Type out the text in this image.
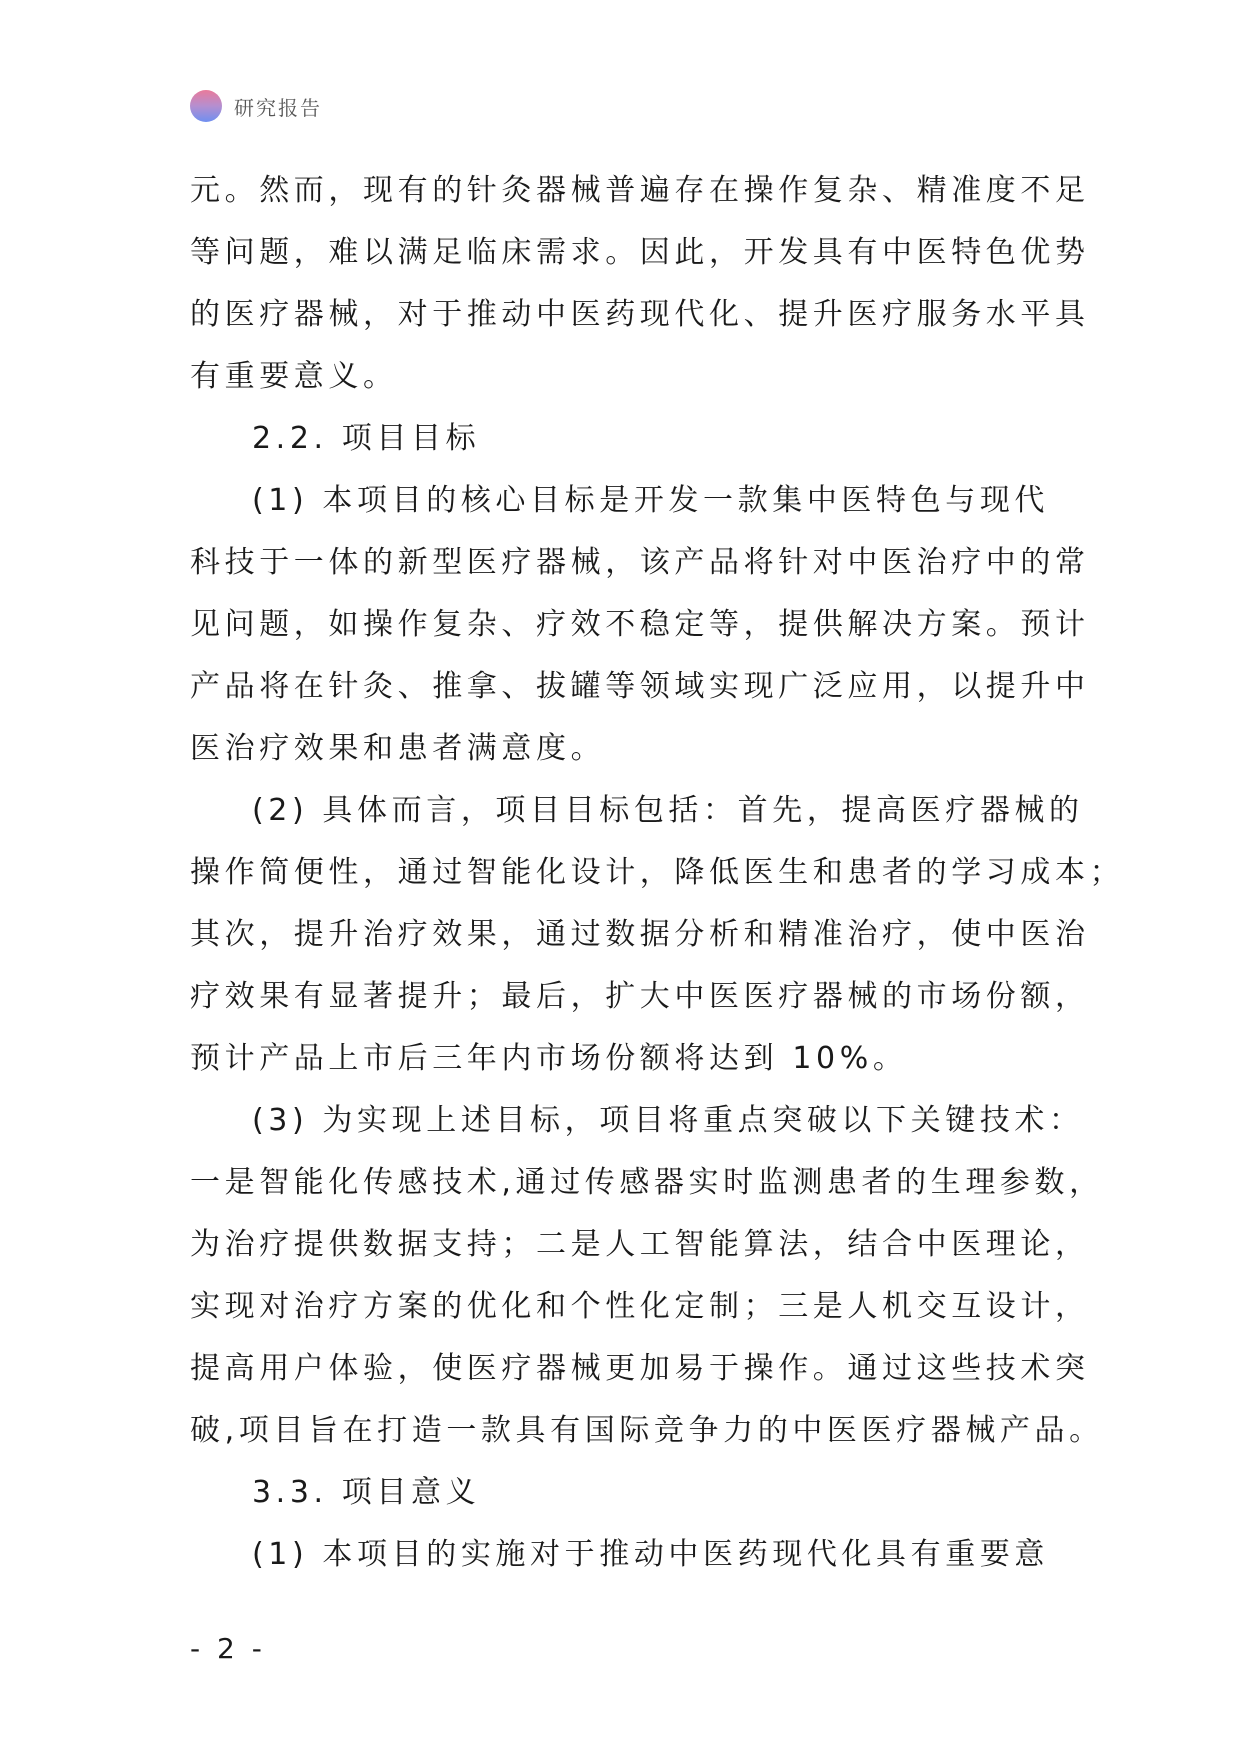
研究报告
元。然而，现有的针灸器械普遍存在操作复杂、精准度不足
等问题，难以满足临床需求。因此，开发具有中医特色优势
的医疗器械，对于推动中医药现代化、提升医疗服务水平具
有重要意义。
2.2. 项目目标
(1) 本项目的核心目标是开发一款集中医特色与现代
科技于一体的新型医疗器械，该产品将针对中医治疗中的常
见问题，如操作复杂、疗效不稳定等，提供解决方案。预计
产品将在针灸、推拿、拔罐等领域实现广泛应用，以提升中
医治疗效果和患者满意度。
(2) 具体而言，项目目标包括：首先，提高医疗器械的
操作简便性，通过智能化设计，降低医生和患者的学习成本；
其次，提升治疗效果，通过数据分析和精准治疗，使中医治
疗效果有显著提升；最后，扩大中医医疗器械的市场份额，
预计产品上市后三年内市场份额将达到 10%。
(3) 为实现上述目标，项目将重点突破以下关键技术：
一是智能化传感技术,通过传感器实时监测患者的生理参数，
为治疗提供数据支持；二是人工智能算法，结合中医理论，
实现对治疗方案的优化和个性化定制；三是人机交互设计，
提高用户体验，使医疗器械更加易于操作。通过这些技术突
破,项目旨在打造一款具有国际竞争力的中医医疗器械产品。
3.3. 项目意义
(1) 本项目的实施对于推动中医药现代化具有重要意
- 2 -
